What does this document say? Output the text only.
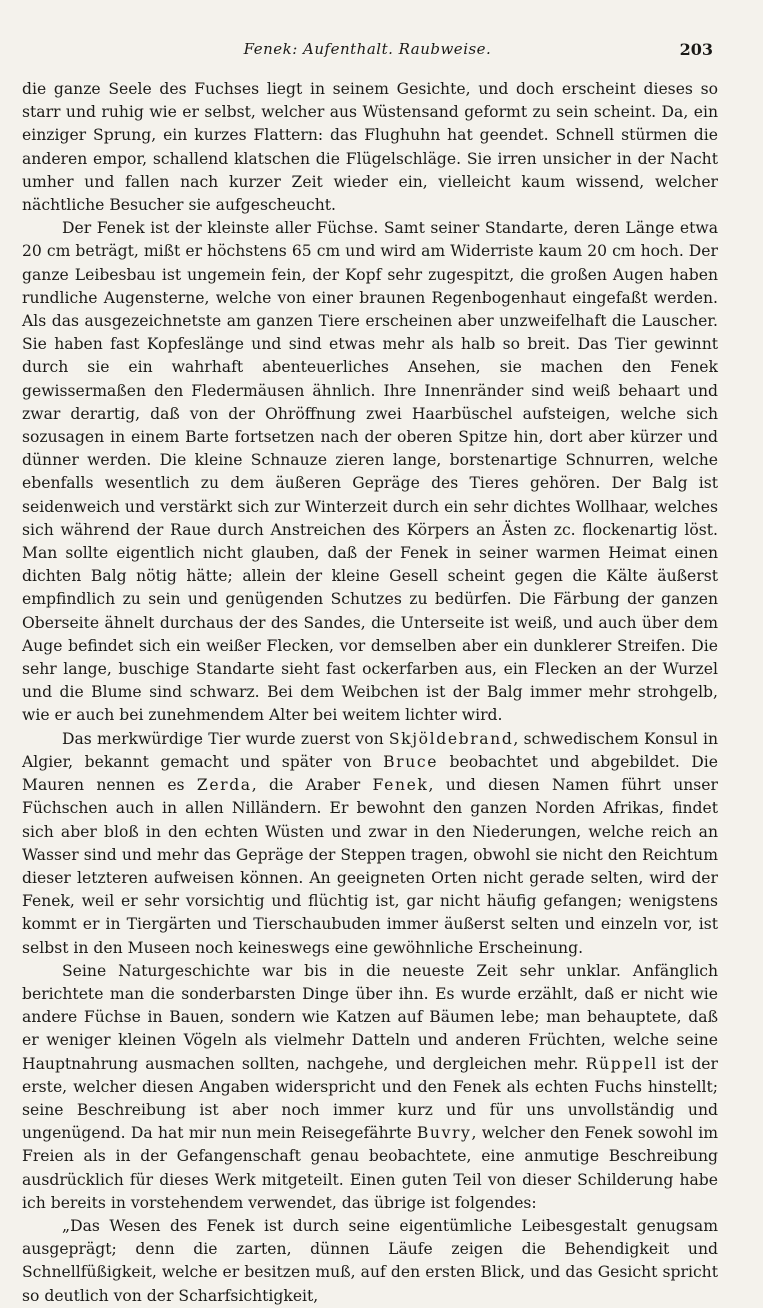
Fenek: Aufenthalt. Raubweise.	203

die ganze Seele des Fuchses liegt in seinem Gesichte, und doch erscheint dieses so starr und ruhig wie er selbst, welcher aus Wüstensand geformt zu sein scheint. Da, ein einziger Sprung, ein kurzes Flattern: das Flughuhn hat geendet. Schnell stürmen die anderen empor, schallend klatschen die Flügelschläge. Sie irren unsicher in der Nacht umher und fallen nach kurzer Zeit wieder ein, vielleicht kaum wissend, welcher nächtliche Besucher sie aufgescheucht.

Der Fenek ist der kleinste aller Füchse. Samt seiner Standarte, deren Länge etwa 20 cm beträgt, mißt er höchstens 65 cm und wird am Widerriste kaum 20 cm hoch. Der ganze Leibesbau ist ungemein fein, der Kopf sehr zugespitzt, die großen Augen haben rundliche Augensterne, welche von einer braunen Regenbogenhaut eingefaßt werden. Als das ausgezeichnetste am ganzen Tiere erscheinen aber unzweifelhaft die Lauscher. Sie haben fast Kopfeslänge und sind etwas mehr als halb so breit. Das Tier gewinnt durch sie ein wahrhaft abenteuerliches Ansehen, sie machen den Fenek gewissermaßen den Fledermäusen ähnlich. Ihre Innenränder sind weiß behaart und zwar derartig, daß von der Ohröffnung zwei Haarbüschel aufsteigen, welche sich sozusagen in einem Barte fortsetzen nach der oberen Spitze hin, dort aber kürzer und dünner werden. Die kleine Schnauze zieren lange, borstenartige Schnurren, welche ebenfalls wesentlich zu dem äußeren Gepräge des Tieres gehören. Der Balg ist seidenweich und verstärkt sich zur Winterzeit durch ein sehr dichtes Wollhaar, welches sich während der Raue durch Anstreichen des Körpers an Ästen zc. flockenartig löst. Man sollte eigentlich nicht glauben, daß der Fenek in seiner warmen Heimat einen dichten Balg nötig hätte; allein der kleine Gesell scheint gegen die Kälte äußerst empfindlich zu sein und genügenden Schutzes zu bedürfen. Die Färbung der ganzen Oberseite ähnelt durchaus der des Sandes, die Unterseite ist weiß, und auch über dem Auge befindet sich ein weißer Flecken, vor demselben aber ein dunklerer Streifen. Die sehr lange, buschige Standarte sieht fast ockerfarben aus, ein Flecken an der Wurzel und die Blume sind schwarz. Bei dem Weibchen ist der Balg immer mehr strohgelb, wie er auch bei zunehmendem Alter bei weitem lichter wird.

Das merkwürdige Tier wurde zuerst von Skjöldebrand, schwedischem Konsul in Algier, bekannt gemacht und später von Bruce beobachtet und abgebildet. Die Mauren nennen es Zerda, die Araber Fenek, und diesen Namen führt unser Füchschen auch in allen Nilländern. Er bewohnt den ganzen Norden Afrikas, findet sich aber bloß in den echten Wüsten und zwar in den Niederungen, welche reich an Wasser sind und mehr das Gepräge der Steppen tragen, obwohl sie nicht den Reichtum dieser letzteren aufweisen können. An geeigneten Orten nicht gerade selten, wird der Fenek, weil er sehr vorsichtig und flüchtig ist, gar nicht häufig gefangen; wenigstens kommt er in Tiergärten und Tierschaubuden immer äußerst selten und einzeln vor, ist selbst in den Museen noch keineswegs eine gewöhnliche Erscheinung.

Seine Naturgeschichte war bis in die neueste Zeit sehr unklar. Anfänglich berichtete man die sonderbarsten Dinge über ihn. Es wurde erzählt, daß er nicht wie andere Füchse in Bauen, sondern wie Katzen auf Bäumen lebe; man behauptete, daß er weniger kleinen Vögeln als vielmehr Datteln und anderen Früchten, welche seine Hauptnahrung ausmachen sollten, nachgehe, und dergleichen mehr. Rüppell ist der erste, welcher diesen Angaben widerspricht und den Fenek als echten Fuchs hinstellt; seine Beschreibung ist aber noch immer kurz und für uns unvollständig und ungenügend. Da hat mir nun mein Reisegefährte Buvry, welcher den Fenek sowohl im Freien als in der Gefangenschaft genau beobachtete, eine anmutige Beschreibung ausdrücklich für dieses Werk mitgeteilt. Einen guten Teil von dieser Schilderung habe ich bereits in vorstehendem verwendet, das übrige ist folgendes:

„Das Wesen des Fenek ist durch seine eigentümliche Leibesgestalt genugsam ausgeprägt; denn die zarten, dünnen Läufe zeigen die Behendigkeit und Schnellfüßigkeit, welche er besitzen muß, auf den ersten Blick, und das Gesicht spricht so deutlich von der Scharfsichtigkeit,
